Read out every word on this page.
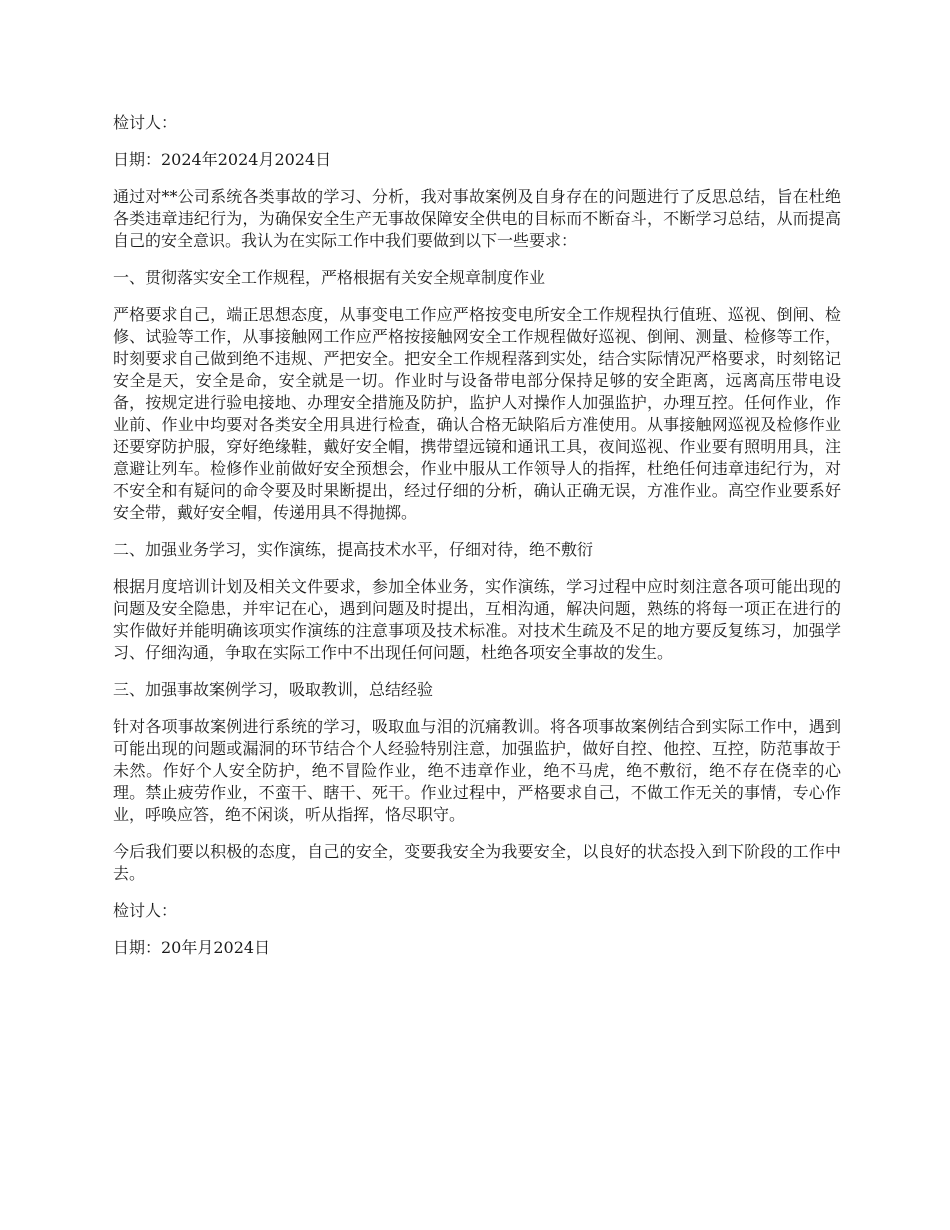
检讨人：

日期：2024年2024月2024日

通过对**公司系统各类事故的学习、分析，我对事故案例及自身存在的问题进行了反思总结，旨在杜绝各类违章违纪行为，为确保安全生产无事故保障安全供电的目标而不断奋斗，不断学习总结，从而提高自己的安全意识。我认为在实际工作中我们要做到以下一些要求：

一、贯彻落实安全工作规程，严格根据有关安全规章制度作业

严格要求自己，端正思想态度，从事变电工作应严格按变电所安全工作规程执行值班、巡视、倒闸、检修、试验等工作，从事接触网工作应严格按接触网安全工作规程做好巡视、倒闸、测量、检修等工作，时刻要求自己做到绝不违规、严把安全。把安全工作规程落到实处，结合实际情况严格要求，时刻铭记安全是天，安全是命，安全就是一切。作业时与设备带电部分保持足够的安全距离，远离高压带电设备，按规定进行验电接地、办理安全措施及防护，监护人对操作人加强监护，办理互控。任何作业，作业前、作业中均要对各类安全用具进行检查，确认合格无缺陷后方准使用。从事接触网巡视及检修作业还要穿防护服，穿好绝缘鞋，戴好安全帽，携带望远镜和通讯工具，夜间巡视、作业要有照明用具，注意避让列车。检修作业前做好安全预想会，作业中服从工作领导人的指挥，杜绝任何违章违纪行为，对不安全和有疑问的命令要及时果断提出，经过仔细的分析，确认正确无误，方准作业。高空作业要系好安全带，戴好安全帽，传递用具不得抛掷。

二、加强业务学习，实作演练，提高技术水平，仔细对待，绝不敷衍

根据月度培训计划及相关文件要求，参加全体业务，实作演练，学习过程中应时刻注意各项可能出现的问题及安全隐患，并牢记在心，遇到问题及时提出，互相沟通，解决问题，熟练的将每一项正在进行的实作做好并能明确该项实作演练的注意事项及技术标准。对技术生疏及不足的地方要反复练习，加强学习、仔细沟通，争取在实际工作中不出现任何问题，杜绝各项安全事故的发生。

三、加强事故案例学习，吸取教训，总结经验

针对各项事故案例进行系统的学习，吸取血与泪的沉痛教训。将各项事故案例结合到实际工作中，遇到可能出现的问题或漏洞的环节结合个人经验特别注意，加强监护，做好自控、他控、互控，防范事故于未然。作好个人安全防护，绝不冒险作业，绝不违章作业，绝不马虎，绝不敷衍，绝不存在侥幸的心理。禁止疲劳作业，不蛮干、瞎干、死干。作业过程中，严格要求自己，不做工作无关的事情，专心作业，呼唤应答，绝不闲谈，听从指挥，恪尽职守。

今后我们要以积极的态度，自己的安全，变要我安全为我要安全，以良好的状态投入到下阶段的工作中去。

检讨人：

日期：20年月2024日
